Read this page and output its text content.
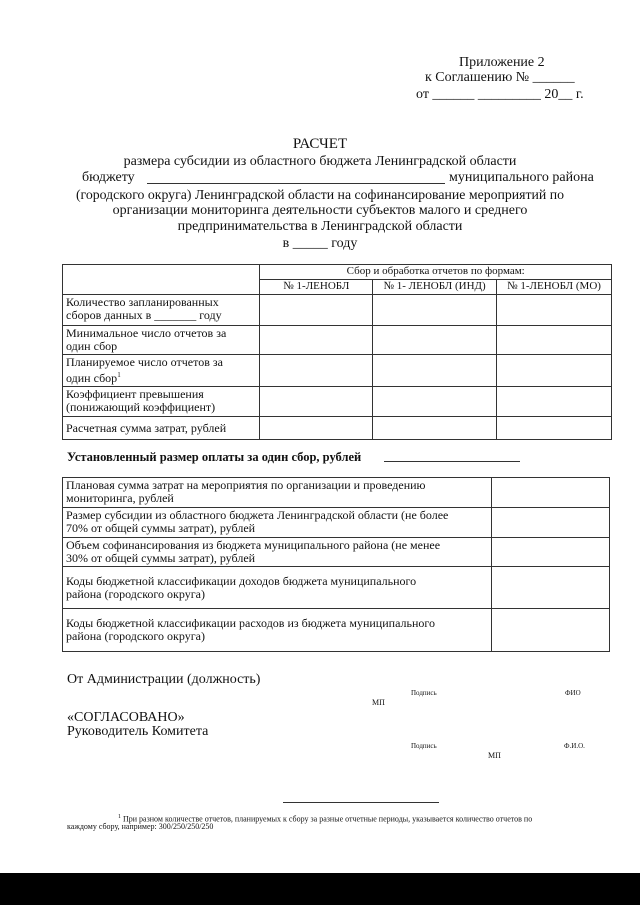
Приложение 2
к Соглашению № ______
от ______ _________ 20__ г.
РАСЧЕТ
размера субсидии из областного бюджета Ленинградской области
бюджету	муниципального района
(городского округа) Ленинградской области на софинансирование мероприятий по
организации мониторинга деятельности субъектов малого и среднего
предпринимательства в Ленинградской области
в _____ году
	Сбор и обработка отчетов по формам:		
	№ 1-ЛЕНОБЛ	№ 1- ЛЕНОБЛ (ИНД)	№ 1-ЛЕНОБЛ (МО)

Количество запланированных
сборов данных в _______ году			

Минимальное число отчетов за
один сбор			

Планируемое число отчетов за
один сбор$^1$

Коэффициент превышения
(понижающий коэффициент)			

Расчетная сумма затрат, рублей			

Установленный размер оплаты за один сбор, рублей
Плановая сумма затрат на мероприятия по организации и проведению
мониторинга, рублей	

Размер субсидии из областного бюджета Ленинградской области (не более
70% от общей суммы затрат), рублей	

Объем софинансирования из бюджета муниципального района (не менее
30% от общей суммы затрат), рублей	

Коды бюджетной классификации доходов бюджета муниципального
района (городского округа)	

Коды бюджетной классификации расходов из бюджета муниципального
района (городского округа)	

От Администрации (должность)
Подпись	ФИО
МП
«СОГЛАСОВАНО»
Руководитель Комитета
Подпись	Ф.И.О.
МП
$^1$ При разном количестве отчетов, планируемых к сбору за разные отчетные периоды, указывается количество отчетов по
каждому сбору, например: 300/250/250/250
